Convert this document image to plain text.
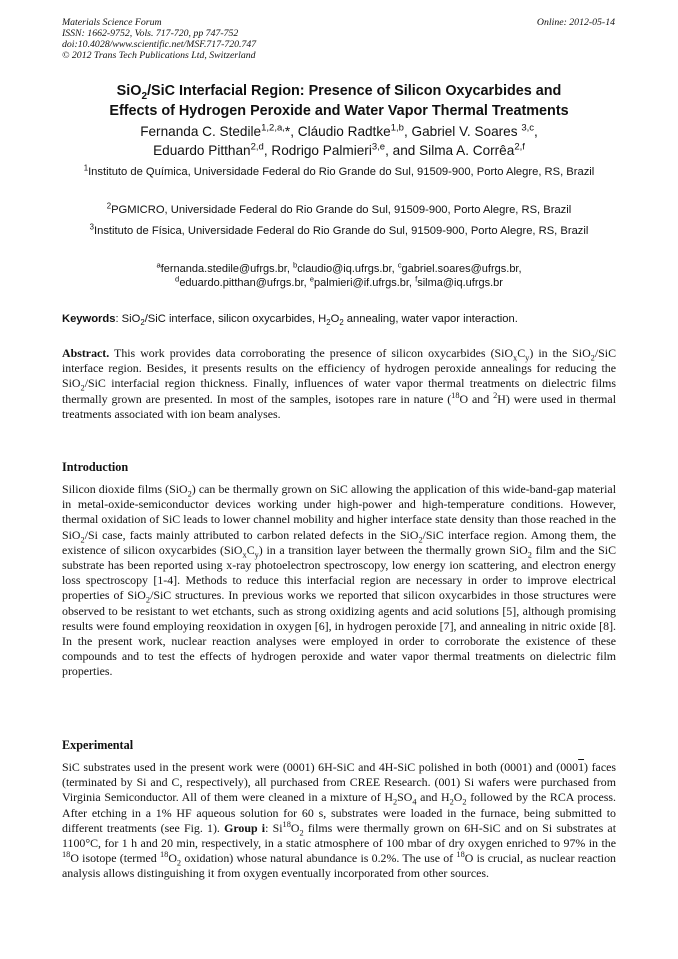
Materials Science Forum
ISSN: 1662-9752, Vols. 717-720, pp 747-752
doi:10.4028/www.scientific.net/MSF.717-720.747
© 2012 Trans Tech Publications Ltd, Switzerland
Online: 2012-05-14
SiO$_2$/SiC Interfacial Region: Presence of Silicon Oxycarbides and
Effects of Hydrogen Peroxide and Water Vapor Thermal Treatments
Fernanda C. Stedile$^{1,2,a,}$*, Cláudio Radtke$^{1,b}$, Gabriel V. Soares $^{3,c}$,
Eduardo Pitthan$^{2,d}$, Rodrigo Palmieri$^{3,e}$, and Silma A. Corrêa$^{2,f}$
$^1$Instituto de Química, Universidade Federal do Rio Grande do Sul, 91509-900, Porto Alegre, RS, Brazil
$^2$PGMICRO, Universidade Federal do Rio Grande do Sul, 91509-900, Porto Alegre, RS, Brazil
$^3$Instituto de Física, Universidade Federal do Rio Grande do Sul, 91509-900, Porto Alegre, RS, Brazil
$^a$fernanda.stedile@ufrgs.br, $^b$claudio@iq.ufrgs.br, $^c$gabriel.soares@ufrgs.br,
$^d$eduardo.pitthan@ufrgs.br, $^e$palmieri@if.ufrgs.br, $^f$silma@iq.ufrgs.br
Keywords: SiO$_2$/SiC interface, silicon oxycarbides, $H_2O_2$ annealing, water vapor interaction.
Abstract. This work provides data corroborating the presence of silicon oxycarbides $(SiO_xC_y)$ in the SiO$_2$/SiC interface region. Besides, it presents results on the efficiency of hydrogen peroxide annealings for reducing the SiO$_2$/SiC interfacial region thickness. Finally, influences of water vapor thermal treatments on dielectric films thermally grown are presented. In most of the samples, isotopes rare in nature ($^{18}$O and $^2$H) were used in thermal treatments associated with ion beam analyses.
Introduction
Silicon dioxide films (SiO$_2$) can be thermally grown on SiC allowing the application of this wide-band-gap material in metal-oxide-semiconductor devices working under high-power and high-temperature conditions. However, thermal oxidation of SiC leads to lower channel mobility and higher interface state density than those reached in the SiO$_2$/Si case, facts mainly attributed to carbon related defects in the SiO$_2$/SiC interface region. Among them, the existence of silicon oxycarbides $(SiO_xC_y)$ in a transition layer between the thermally grown SiO$_2$ film and the SiC substrate has been reported using x-ray photoelectron spectroscopy, low energy ion scattering, and electron energy loss spectroscopy [1-4]. Methods to reduce this interfacial region are necessary in order to improve electrical properties of SiO$_2$/SiC structures. In previous works we reported that silicon oxycarbides in those structures were observed to be resistant to wet etchants, such as strong oxidizing agents and acid solutions [5], although promising results were found employing reoxidation in oxygen [6], in hydrogen peroxide [7], and annealing in nitric oxide [8]. In the present work, nuclear reaction analyses were employed in order to corroborate the existence of these compounds and to test the effects of hydrogen peroxide and water vapor thermal treatments on dielectric film properties.
Experimental
SiC substrates used in the present work were (0001) 6H-SiC and 4H-SiC polished in both (0001) and (0001) faces (terminated by Si and C, respectively), all purchased from CREE Research. (001) Si wafers were purchased from Virginia Semiconductor. All of them were cleaned in a mixture of $H_2SO_4$ and $H_2O_2$ followed by the RCA process. After etching in a 1% HF aqueous solution for 60 s, substrates were loaded in the furnace, being submitted to different treatments (see Fig. 1). Group i: $Si^{18}O_2$ films were thermally grown on 6H-SiC and on Si substrates at 1100°C, for 1 h and 20 min, respectively, in a static atmosphere of 100 mbar of dry oxygen enriched to 97% in the $^{18}$O isotope (termed $^{18}O_2$ oxidation) whose natural abundance is 0.2%. The use of $^{18}$O is crucial, as nuclear reaction analysis allows distinguishing it from oxygen eventually incorporated from other sources.
